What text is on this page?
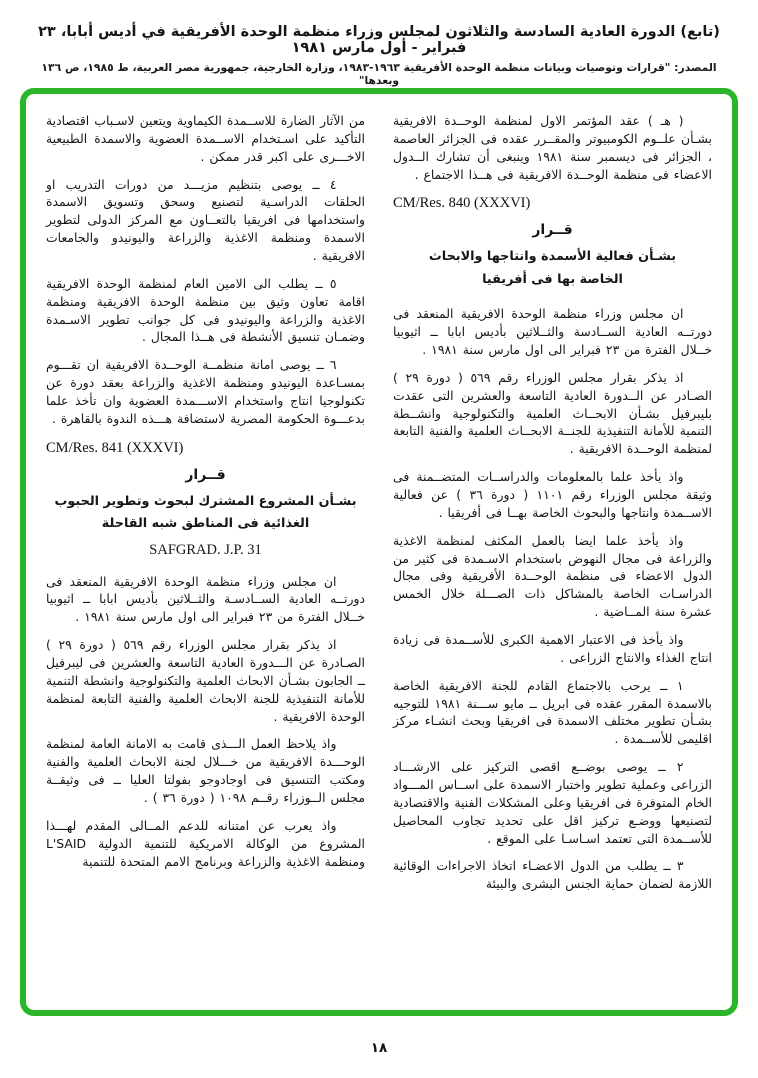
(تابع) الدورة العادية السادسة والثلاثون لمجلس وزراء منظمة الوحدة الأفريقية في أديس أبابا، ٢٣ فبراير - أول مارس ١٩٨١
المصدر: "قرارات وتوصيات وبيانات منظمة الوحدة الأفريقية ١٩٦٣-١٩٨٣، وزارة الخارجية، جمهورية مصر العربية، ط ١٩٨٥، ص ١٣٦ وبعدها"

( هـ ) عقد المؤتمر الاول لمنظمة الوحــدة الافريقية بشـأن علــوم الكومبيوتر والمقــرر عقده فى الجزائر العاصمة ، الجزائر فى ديسمبر سنة ١٩٨١ وينبغى أن تشارك الــدول الاعضاء فى منظمة الوحــدة الافريقية فى هــذا الاجتماع .

CM/Res. 840 (XXXVI)
قــرار
بشـأن فعالية الأسمدة وانتاجها والابحاث
الخاصة بها فى أفريقيا

ان مجلس وزراء منظمة الوحدة الافريقية المنعقد فى دورتــه العادية الســادسة والثــلاثين بأديس ابابا ــ اثيوبيا خــلال الفترة من ٢٣ فبراير الى اول مارس سنة ١٩٨١ .

اذ يذكر بقرار مجلس الوزراء رقم ٥٦٩ ( دورة ٢٩ ) الصـادر عن الــدورة العادية التاسعة والعشرين التى عقدت بليبرفيل بشـأن الابحــاث العلمية والتكنولوجية وانشــطة التنمية للأمانة التنفيذية للجنــة الابحــاث العلمية والفنية التابعة لمنظمة الوحــدة الافريقية .

واذ يأخذ علما بالمعلومات والدراســات المتضــمنة فى وثيقة مجلس الوزراء رقم ١١٠١ ( دورة ٣٦ ) عن فعالية الاســمدة وانتاجها والبحوث الخاصة بهــا فى أفريقيا .

واذ يأخذ علما ايضا بالعمل المكثف لمنظمة الاغذية والزراعة فى مجال النهوض باستخدام الاسـمدة فى كثير من الدول الاعضاء فى منظمة الوحــدة الأفريقية وفى مجال الدراسـات الخاصة بالمشاكل ذات الصـــلة خلال الخمس عشرة سنة المــاضية .

واذ يأخذ فى الاعتبار الاهمية الكبرى للأســمدة فى زيادة انتاج الغذاء والانتاج الزراعى .

١ ــ يرحب بالاجتماع القادم للجنة الافريقية الخاصة بالاسمدة المقرر عقده فى ابريل ــ مايو ســـنة ١٩٨١ للتوجيه بشـأن تطوير مختلف الاسمدة فى افريقيا وبحث انشـاء مركز اقليمى للأســمدة .

٢ ــ يوصى بوضــع اقصى التركيز على الارشـــاد الزراعى وعملية تطوير واختبار الاسمدة على اســاس المـــواد الخام المتوفرة فى افريقيا وعلى المشكلات الفنية والاقتصادية لتصنيعها ووضـع تركيز اقل على تحديد تجاوب المحاصيل للأســمدة التى تعتمد اسـاسـا على الموقع .

٣ ــ يطلب من الدول الاعضـاء اتخاذ الاجراءات الوقائية اللازمة لضمان حماية الجنس البشرى والبيئة

من الآثار الضارة للاســمدة الكيماوية ويتعين لاسـباب اقتصادية التأكيد على اسـتخدام الاســمدة العضوية والاسمدة الطبيعية الاخـــرى على اكبر قدر ممكن .

٤ ــ يوصى بتنظيم مزيـــد من دورات التدريب او الحلقات الدراسـية لتصنيع وسحق وتسويق الاسمدة واستخدامها فى افريقيا بالتعــاون مع المركز الدولى لتطوير الاسمدة ومنظمة الاغذية والزراعة واليونيدو والجامعات الافريقية .

٥ ــ يطلب الى الامين العام لمنظمة الوحدة الافريقية اقامة تعاون وثيق بين منظمة الوحدة الافريقية ومنظمة الاغذية والزراعة واليونيدو فى كل جوانب تطوير الاسـمدة وضمـان تنسيق الأنشطة فى هــذا المجال .

٦ ــ يوصى امانة منظمــة الوحــدة الافريقية ان تقـــوم بمسـاعدة اليونيدو ومنظمة الاغذية والزراعة بعقد دورة عن تكنولوجيا انتاج واستخدام الاســـمدة العضوية وان تأخذ علما بدعـــوة الحكومة المصرية لاستضافة هـــذه الندوة بالقاهرة .

CM/Res. 841 (XXXVI)
قــرار
بشـأن المشروع المشترك لبحوث وتطوير الحبوب
الغذائية فى المناطق شبه القاحلة
SAFGRAD. J.P. 31

ان مجلس وزراء منظمة الوحدة الافريقية المنعقد فى دورتــه العادية الســادسـة والثــلاثين بأديس ابابا ــ اثيوبيا خــلال الفترة من ٢٣ فبراير الى اول مارس سنة ١٩٨١ .

اذ يذكر بقرار مجلس الوزراء رقم ٥٦٩ ( دورة ٢٩ ) الصـادرة عن الـــدورة العادية التاسعة والعشرين فى ليبرفيل ــ الجابون بشـأن الابحاث العلمية والتكنولوجية وانشطة التنمية للأمانة التنفيذية للجنة الابحاث العلمية والفنية التابعة لمنظمة الوحدة الافريقية .

واذ يلاحظ العمل الـــذى قامت به الامانة العامة لمنظمة الوحـــدة الافريقية من خـــلال لجنة الابحاث العلمية والفنية ومكتب التنسيق فى اوجادوجو بفولتا العليا ــ فى وثيقــة مجلس الــوزراء رقــم ١٠٩٨ ( دورة ٣٦ ) .

واذ يعرب عن امتنانه للدعم المــالى المقدم لهـــذا المشروع من الوكالة الامريكية للتنمية الدولية L'SAID ومنظمة الاغذية والزراعة وبرنامج الامم المتحدة للتنمية

١٨
